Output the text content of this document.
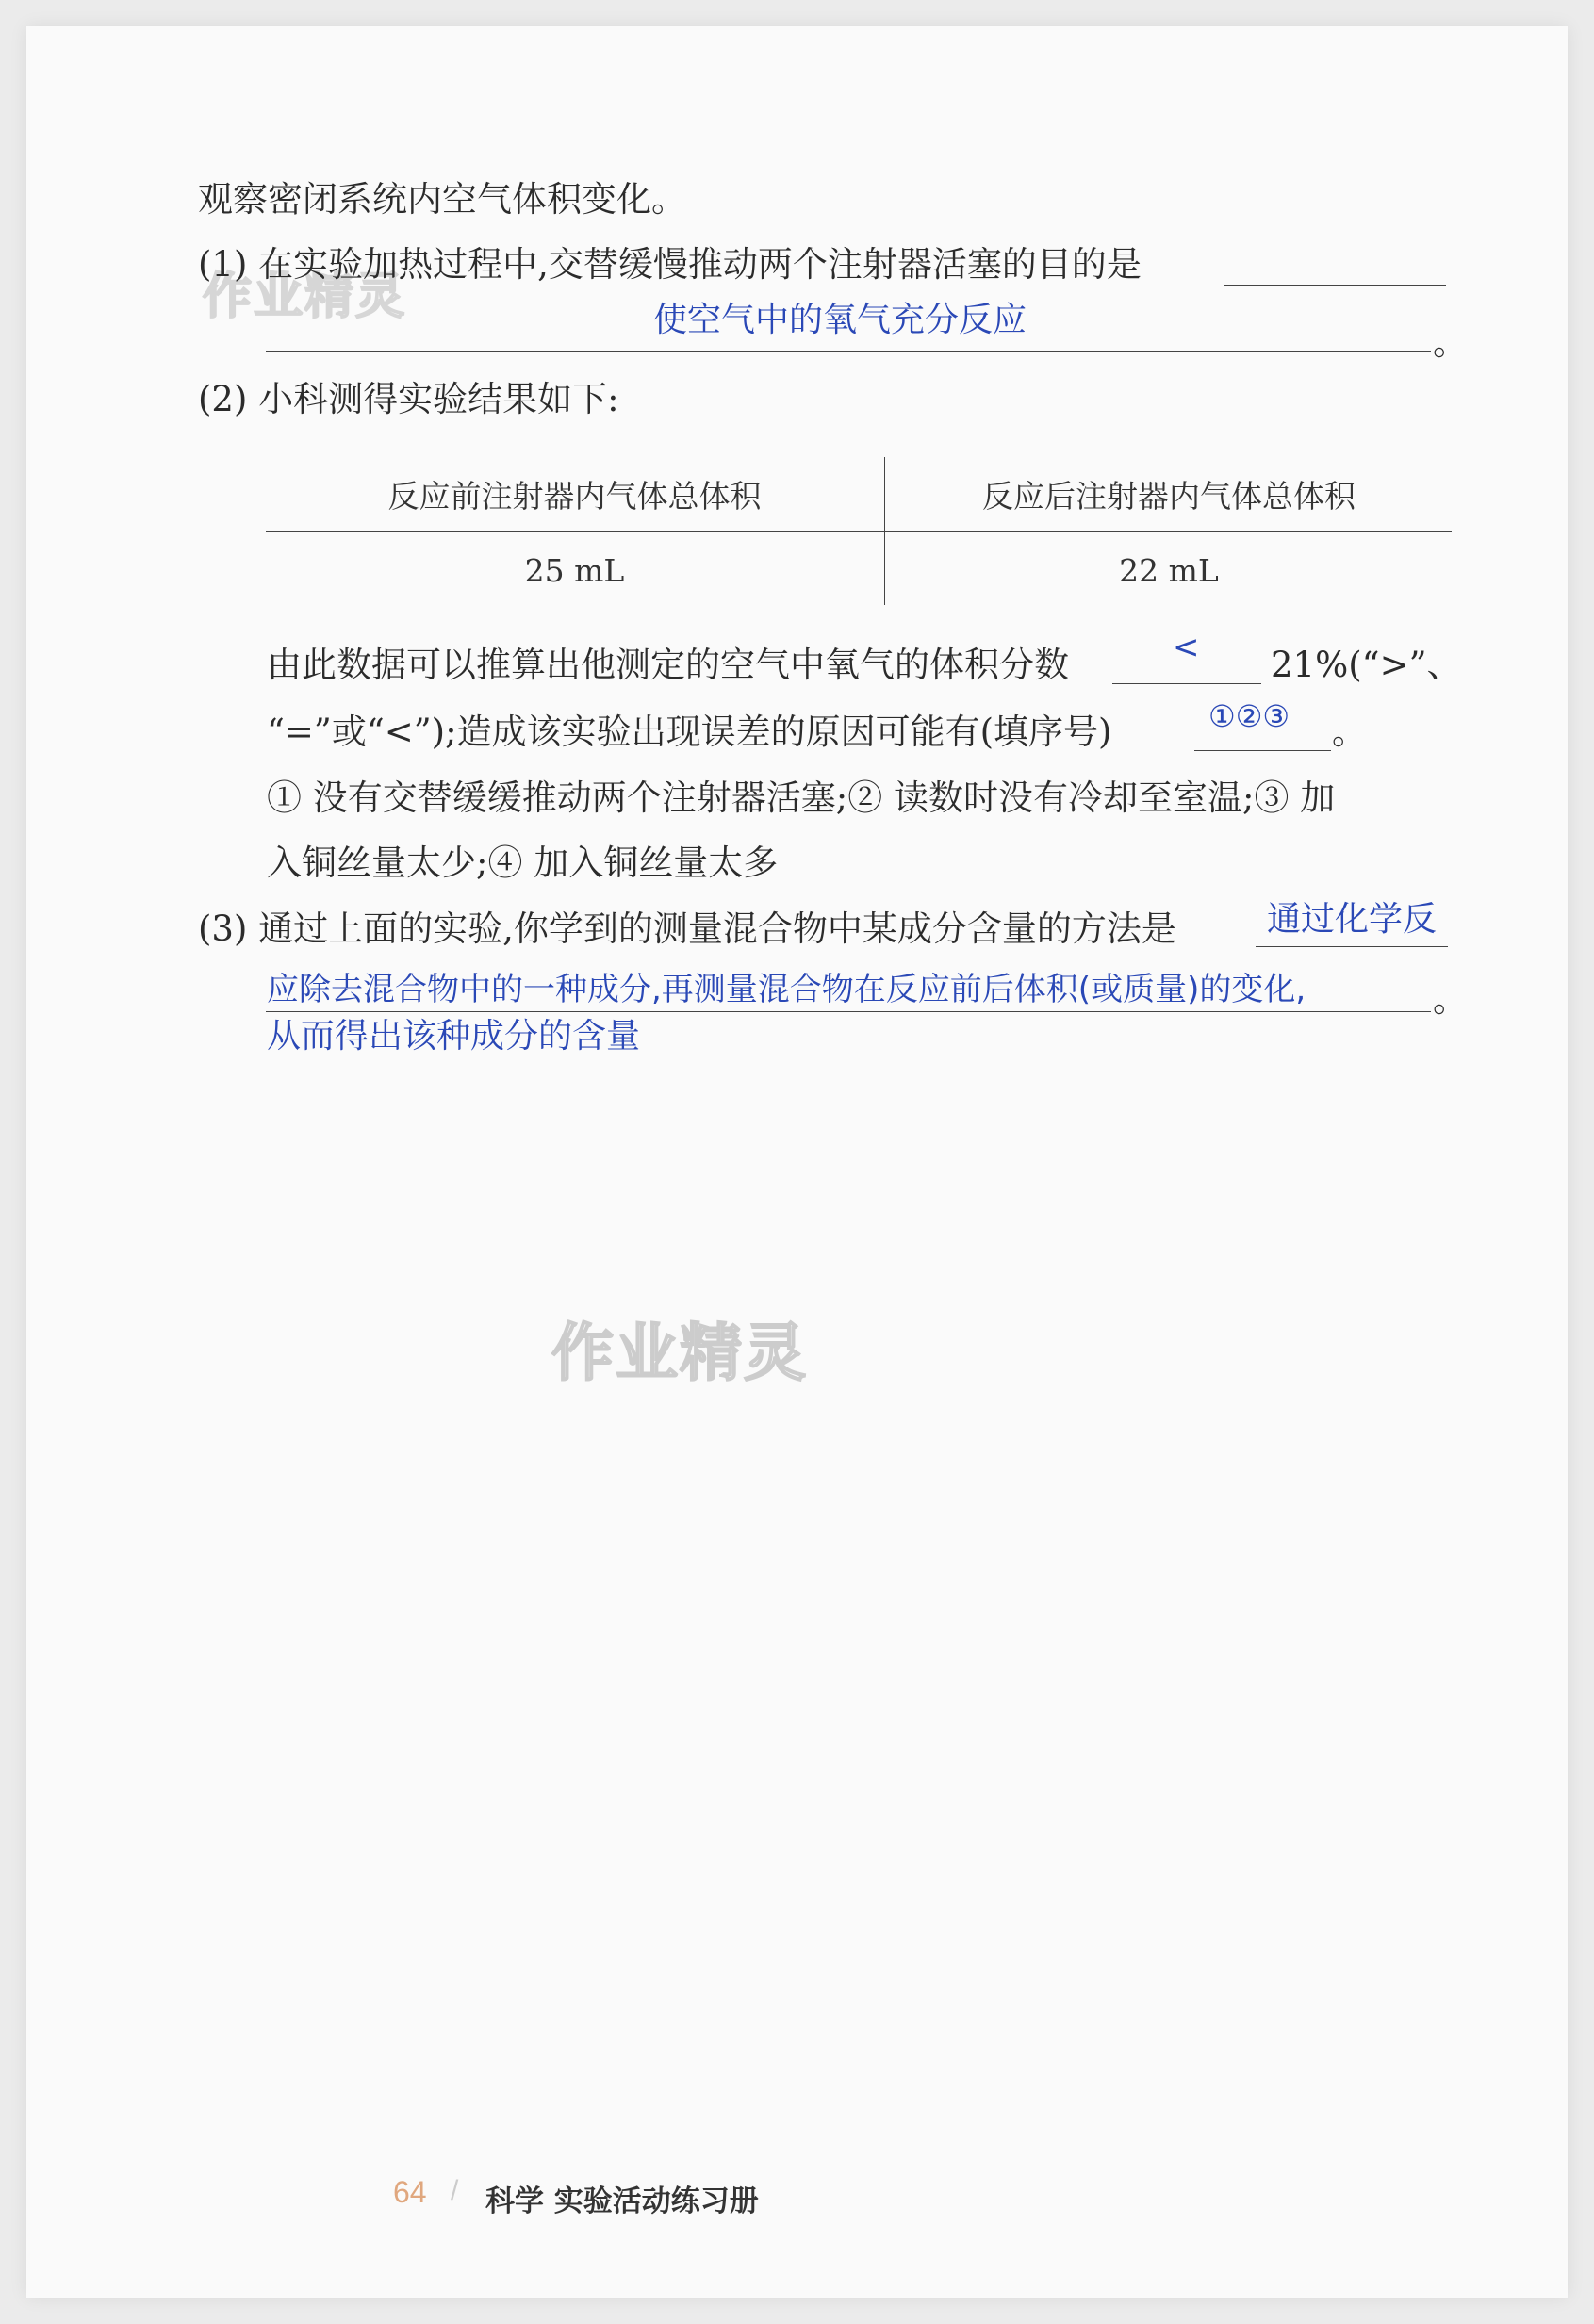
作业精灵
作业精灵
观察密闭系统内空气体积变化。
(1) 在实验加热过程中,交替缓慢推动两个注射器活塞的目的是
使空气中的氧气充分反应
。
(2) 小科测得实验结果如下:
反应前注射器内气体总体积	反应后注射器内气体总体积
25 mL	22 mL
由此数据可以推算出他测定的空气中氧气的体积分数	< 21%(“>”、
“=”或“<”);造成该实验出现误差的原因可能有(填序号)	①②③ 。
① 没有交替缓缓推动两个注射器活塞;② 读数时没有冷却至室温;③ 加
入铜丝量太少;④ 加入铜丝量太多
(3) 通过上面的实验,你学到的测量混合物中某成分含量的方法是	通过化学反
应除去混合物中的一种成分,再测量混合物在反应前后体积(或质量)的变化,	。
从而得出该种成分的含量
64 / 科学 实验活动练习册
